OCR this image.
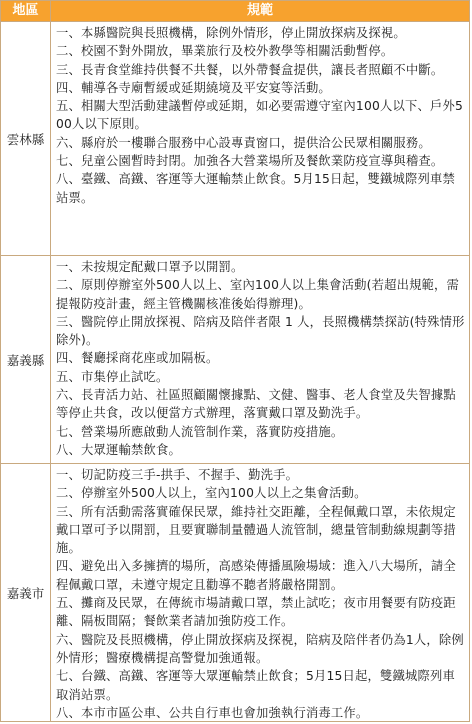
地區	規範
雲林縣

一、本縣醫院與長照機構，除例外情形，停止開放探病及探視。

二、校園不對外開放，畢業旅行及校外教學等相關活動暫停。

三、長青食堂維持供餐不共餐，以外帶餐盒提供，讓長者照顧不中斷。

四、輔導各寺廟暫緩或延期繞境及平安宴等活動。

五、相關大型活動建議暫停或延期，如必要需遵守室內100人以下、戶外500人以下原則。

六、縣府於一樓聯合服務中心設專責窗口，提供洽公民眾相關服務。

七、兒童公園暫時封閉。加強各大營業場所及餐飲業防疫宣導與稽查。

八、臺鐵、高鐵、客運等大運輸禁止飲食。5月15日起，雙鐵城際列車禁站票。

嘉義縣

一、未按規定配戴口罩予以開罰。

二、原則停辦室外500人以上、室內100人以上集會活動(若超出規範，需提報防疫計畫，經主管機關核准後始得辦理)。

三、醫院停止開放探視、陪病及陪伴者限 1 人，長照機構禁探訪(特殊情形除外)。

四、餐廳採商花座或加隔板。

五、市集停止試吃。

六、長青活力站、社區照顧關懷據點、文健、醫事、老人食堂及失智據點等停止共食，改以便當方式辦理，落實戴口罩及勤洗手。

七、營業場所應啟動人流管制作業，落實防疫措施。

八、大眾運輸禁飲食。

嘉義市

一、切記防疫三手-拱手、不握手、勤洗手。

二、停辦室外500人以上，室內100人以上之集會活動。

三、所有活動需落實確保民眾，維持社交距離，全程佩戴口罩，未依規定戴口罩可予以開罰，且要實聯制量體過人流管制，總量管制動線規劃等措施。

四、避免出入多擁擠的場所，高感染傳播風險場域：進入八大場所，請全程佩戴口罩，未遵守規定且勸導不聽者將嚴格開罰。

五、攤商及民眾，在傳統市場請戴口罩，禁止試吃；夜市用餐要有防疫距離、隔板間隔；餐飲業者請加強防疫工作。

六、醫院及長照機構，停止開放探病及探視，陪病及陪伴者仍為1人，除例外情形；醫療機構提高警覺加強通報。

七、台鐵、高鐵、客運等大眾運輸禁止飲食；5月15日起，雙鐵城際列車取消站票。

八、本市市區公車、公共自行車也會加強執行消毒工作。
